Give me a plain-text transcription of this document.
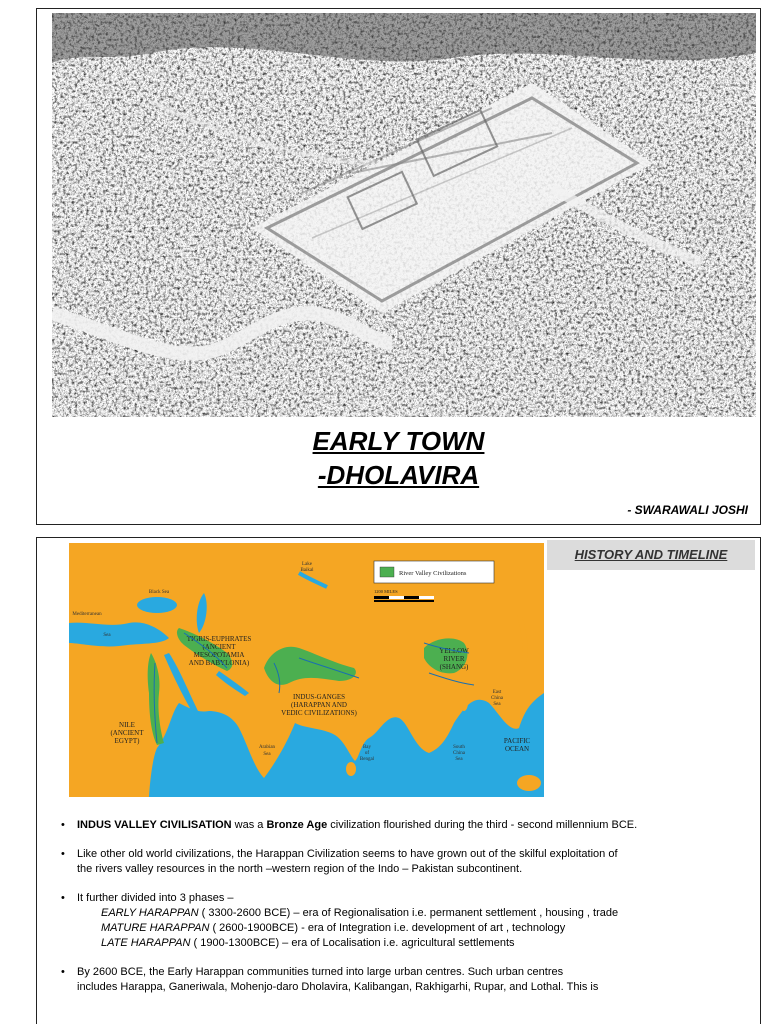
EARLY TOWN
-DHOLAVIRA
- SWARAWALI JOSHI
HISTORY AND TIMELINE
River Valley Civilizations
1200 MILES
NILE
(ANCIENT
EGYPT)
TIGRIS-EUPHRATES
(ANCIENT
MESOPOTAMIA
AND BABYLONIA)
INDUS-GANGES
(HARAPPAN AND
VEDIC CIVILIZATIONS)
YELLOW
RIVER
(SHANG)
PACIFIC
OCEAN
Mediterranean
Sea
Black Sea
Arabian
Sea
Bay
of
Bengal
East
China
Sea
South
China
Sea
Lake
Baikal
• INDUS VALLEY CIVILISATION was a Bronze Age civilization flourished during the third - second millennium BCE.
• Like other old world civilizations, the Harappan Civilization seems to have grown out of the skilful exploitation of
the rivers valley resources in the north –western region of the Indo – Pakistan subcontinent.
• It further divided into 3 phases –
EARLY HARAPPAN ( 3300-2600 BCE) – era of Regionalisation i.e. permanent settlement , housing , trade
MATURE HARAPPAN ( 2600-1900BCE) - era of Integration i.e. development of art , technology
LATE HARAPPAN ( 1900-1300BCE) – era of Localisation i.e. agricultural settlements
• By 2600 BCE, the Early Harappan communities turned into large urban centres. Such urban centres
includes Harappa, Ganeriwala, Mohenjo-daro Dholavira, Kalibangan, Rakhigarhi, Rupar, and Lothal. This is
